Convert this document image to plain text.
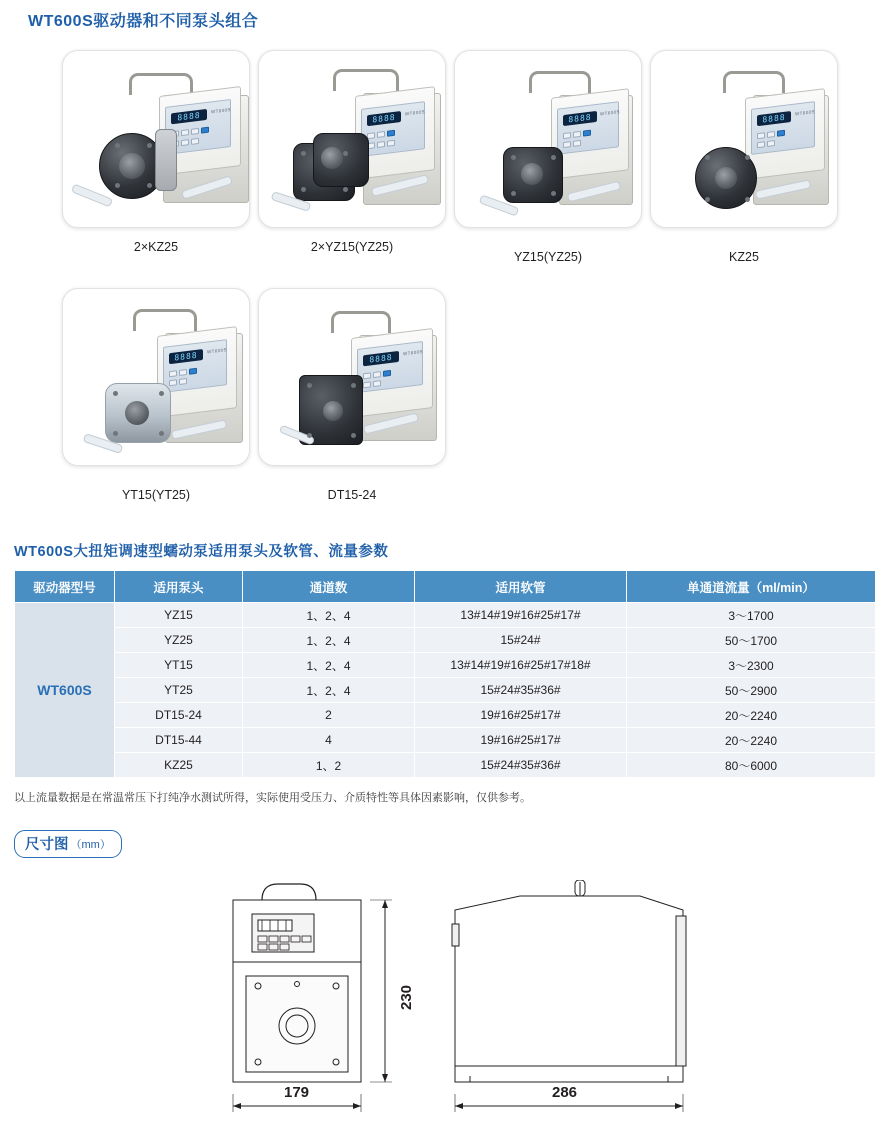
WT600S驱动器和不同泵头组合
8888	WT600S
2×KZ25
8888	WT600S
2×YZ15(YZ25)
8888	WT600S
YZ15(YZ25)
8888	WT600S
KZ25
8888	WT600S
YT15(YT25)
8888	WT600S
DT15-24
WT600S大扭矩调速型蠕动泵适用泵头及软管、流量参数
驱动器型号	适用泵头	通道数	适用软管	单通道流量（ml/min）
WT600S	YZ15	1、2、4	13#14#19#16#25#17#	3～1700
	YZ25	1、2、4	15#24#	50～1700
	YT15	1、2、4	13#14#19#16#25#17#18#	3～2300
	YT25	1、2、4	15#24#35#36#	50～2900
	DT15-24	2	19#16#25#17#	20～2240
	DT15-44	4	19#16#25#17#	20～2240
	KZ25	1、2	15#24#35#36#	80～6000
以上流量数据是在常温常压下打纯净水测试所得，实际使用受压力、介质特性等具体因素影响，仅供参考。
尺寸图 （mm）
179
230
286
